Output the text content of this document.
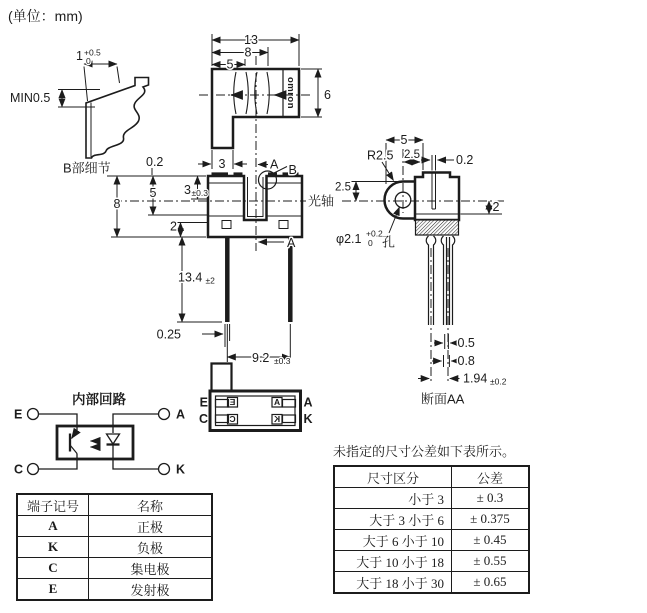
(单位：mm)
1 +0.5
0
MIN0.5
B部细节
omron
13
8
5
6
3
0.2	A B
3 ±0.3
8
5
2
光轴
A
13.4 ±2
0.25
9.2 ±0.3
R2.5
5
2.5	0.2
2.5
2
φ2.1 +0.2
0 孔
0.5
0.8
1.94 ±0.2
断面AA
内部回路
E	A
C	K
E
C
A
K
E
C
A
K
未指定的尺寸公差如下表所示。
端子记号	名称
A	正极
K	负极
C	集电极
E	发射极
尺寸区分	公差
小于 3	± 0.3
大于 3 小于 6	± 0.375
大于 6 小于 10	± 0.45
大于 10 小于 18	± 0.55
大于 18 小于 30	± 0.65
